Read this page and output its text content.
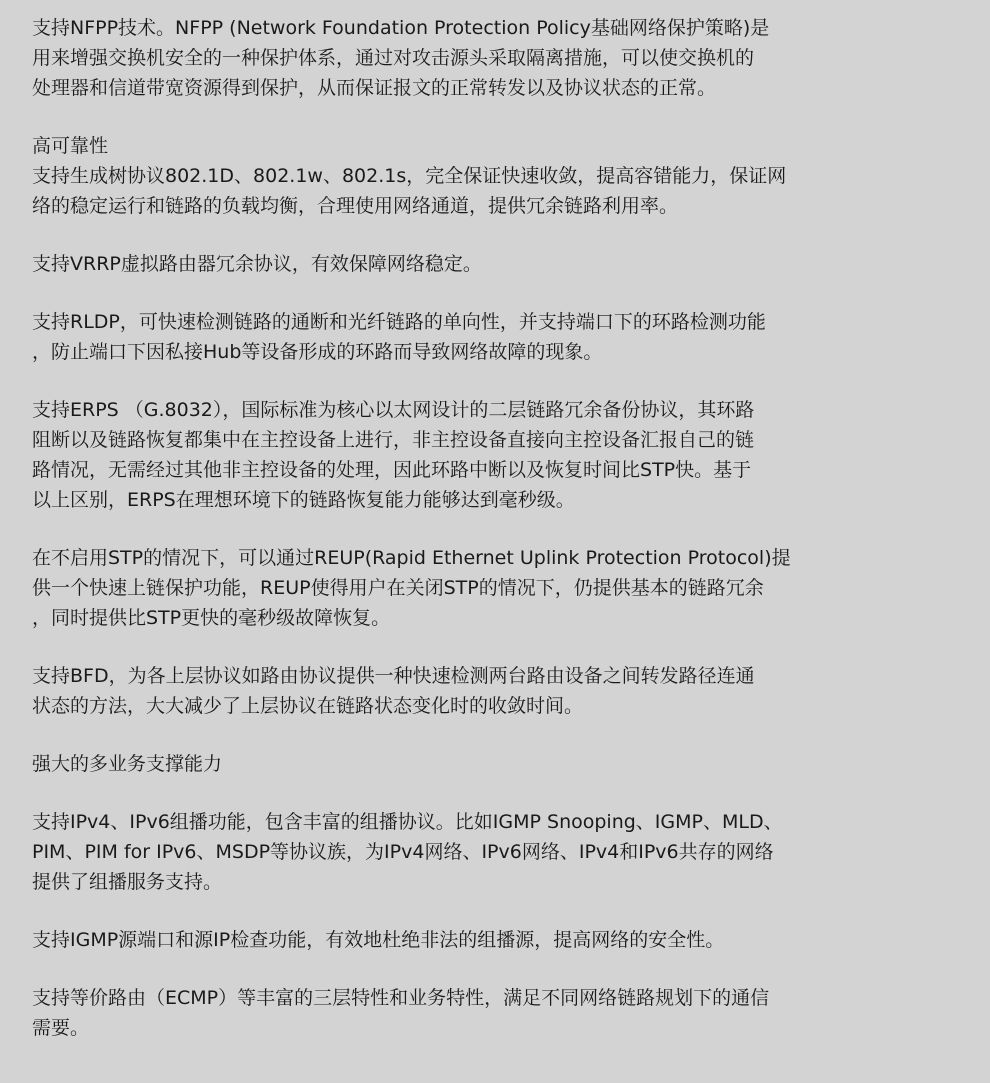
支持NFPP技术。NFPP (Network Foundation Protection Policy基础网络保护策略)是
用来增强交换机安全的一种保护体系，通过对攻击源头采取隔离措施，可以使交换机的
处理器和信道带宽资源得到保护，从而保证报文的正常转发以及协议状态的正常。
高可靠性
支持生成树协议802.1D、802.1w、802.1s，完全保证快速收敛，提高容错能力，保证网
络的稳定运行和链路的负载均衡，合理使用网络通道，提供冗余链路利用率。
支持VRRP虚拟路由器冗余协议，有效保障网络稳定。
支持RLDP，可快速检测链路的通断和光纤链路的单向性，并支持端口下的环路检测功能
，防止端口下因私接Hub等设备形成的环路而导致网络故障的现象。
支持ERPS （G.8032），国际标准为核心以太网设计的二层链路冗余备份协议，其环路
阻断以及链路恢复都集中在主控设备上进行，非主控设备直接向主控设备汇报自己的链
路情况，无需经过其他非主控设备的处理，因此环路中断以及恢复时间比STP快。基于
以上区别，ERPS在理想环境下的链路恢复能力能够达到毫秒级。
在不启用STP的情况下，可以通过REUP(Rapid Ethernet Uplink Protection Protocol)提
供一个快速上链保护功能，REUP使得用户在关闭STP的情况下，仍提供基本的链路冗余
，同时提供比STP更快的毫秒级故障恢复。
支持BFD，为各上层协议如路由协议提供一种快速检测两台路由设备之间转发路径连通
状态的方法，大大减少了上层协议在链路状态变化时的收敛时间。
强大的多业务支撑能力
支持IPv4、IPv6组播功能，包含丰富的组播协议。比如IGMP Snooping、IGMP、MLD、
PIM、PIM for IPv6、MSDP等协议族，为IPv4网络、IPv6网络、IPv4和IPv6共存的网络
提供了组播服务支持。
支持IGMP源端口和源IP检查功能，有效地杜绝非法的组播源，提高网络的安全性。
支持等价路由（ECMP）等丰富的三层特性和业务特性，满足不同网络链路规划下的通信
需要。
